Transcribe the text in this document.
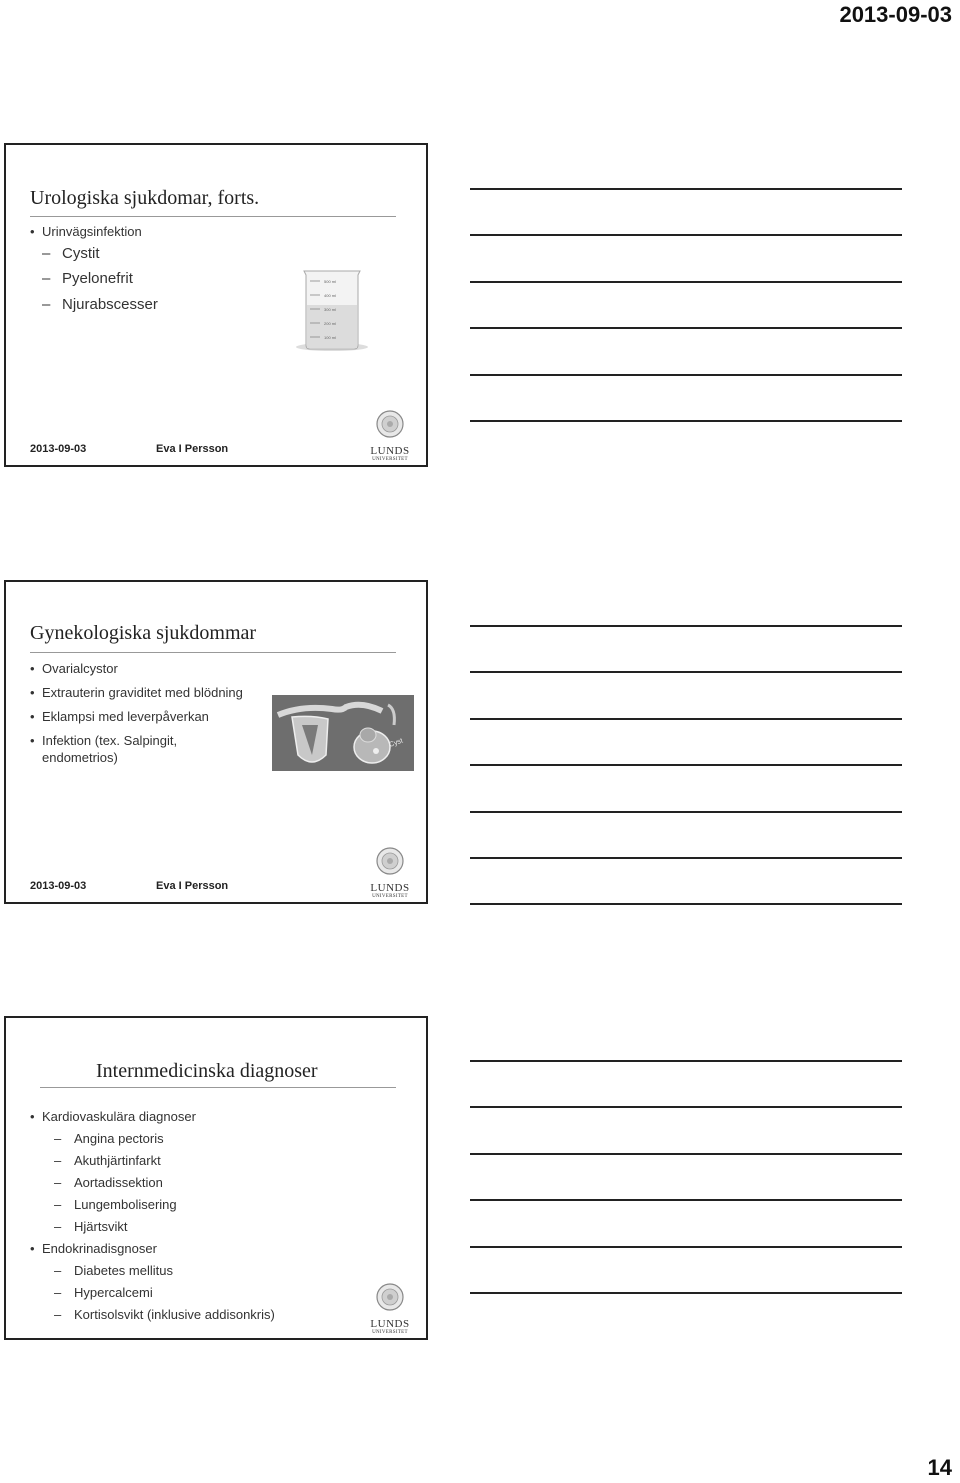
2013-09-03
Urologiska sjukdomar, forts.
• Urinvägsinfektion
– Cystit
– Pyelonefrit
– Njurabscesser
500 ml
400 ml
300 ml
200 ml
100 ml
2013-09-03	Eva I Persson	LUNDS
UNIVERSITET
Gynekologiska sjukdommar
• Ovarialcystor
• Extrauterin graviditet med blödning
• Eklampsi med leverpåverkan
• Infektion (tex. Salpingit, endometrios)
Cyst
2013-09-03	Eva I Persson	LUNDS
UNIVERSITET
Internmedicinska diagnoser
• Kardiovaskulära diagnoser
– Angina pectoris
– Akuthjärtinfarkt
– Aortadissektion
– Lungembolisering
– Hjärtsvikt
• Endokrinadisgnoser
– Diabetes mellitus
– Hypercalcemi
– Kortisolsvikt (inklusive addisonkris)
LUNDS
UNIVERSITET
14
